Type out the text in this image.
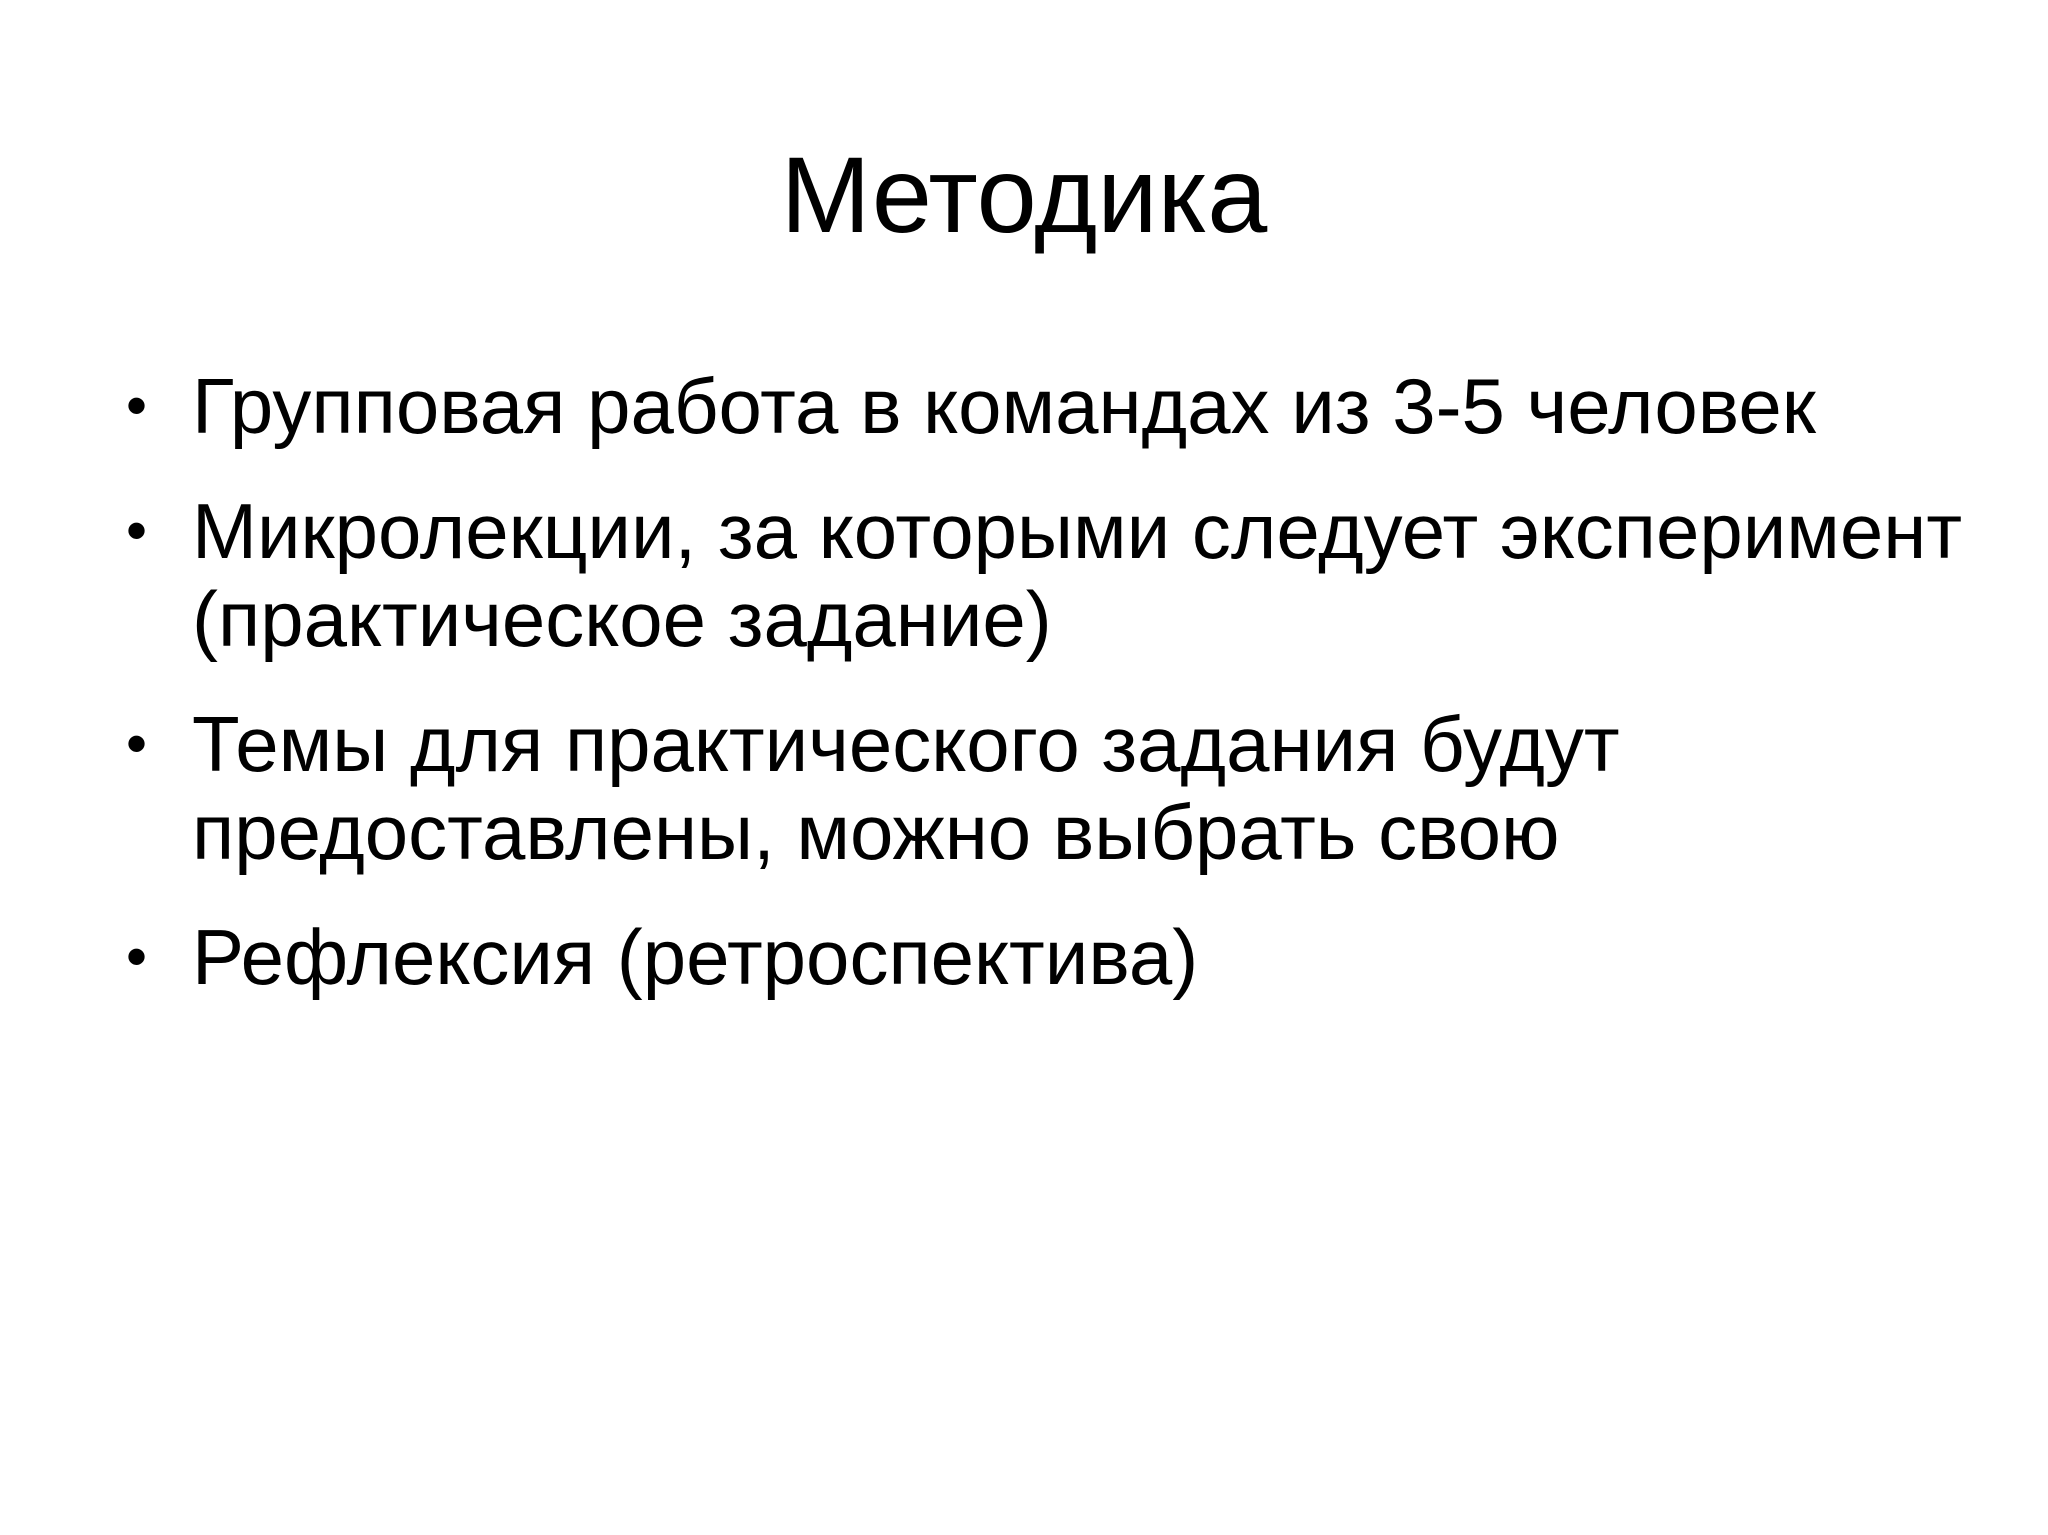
Методика
• Групповая работа в командах из 3-5 человек
• Микролекции, за которыми следует эксперимент (практическое задание)
• Темы для практического задания будут предоставлены, можно выбрать свою
• Рефлексия (ретроспектива)
